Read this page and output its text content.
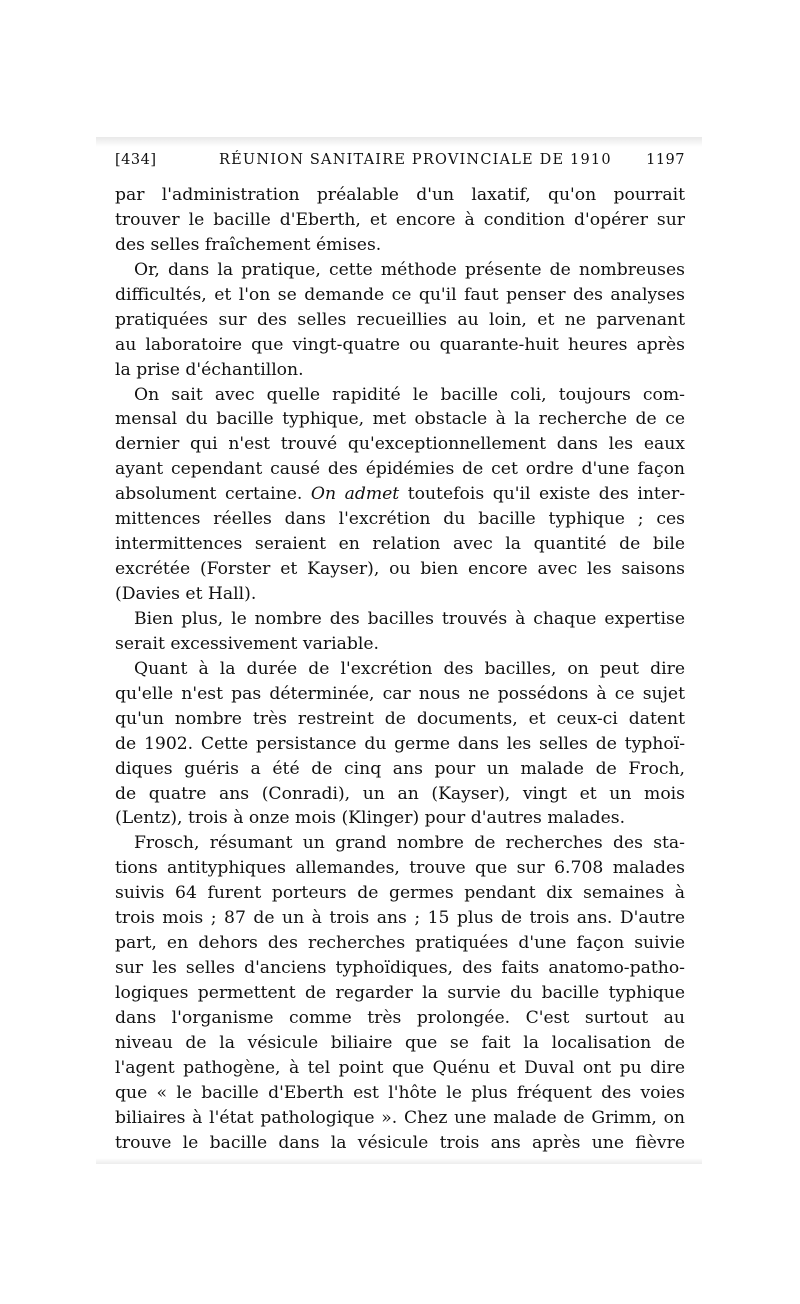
[434]	RÉUNION SANITAIRE PROVINCIALE DE 1910 1197
par l'administration préalable d'un laxatif, qu'on pourrait
trouver le bacille d'Eberth, et encore à condition d'opérer sur
des selles fraîchement émises.
Or, dans la pratique, cette méthode présente de nombreuses
difficultés, et l'on se demande ce qu'il faut penser des analyses
pratiquées sur des selles recueillies au loin, et ne parvenant
au laboratoire que vingt-quatre ou quarante-huit heures après
la prise d'échantillon.
On sait avec quelle rapidité le bacille coli, toujours com-
mensal du bacille typhique, met obstacle à la recherche de ce
dernier qui n'est trouvé qu'exceptionnellement dans les eaux
ayant cependant causé des épidémies de cet ordre d'une façon
absolument certaine. On admet toutefois qu'il existe des inter-
mittences réelles dans l'excrétion du bacille typhique ; ces
intermittences seraient en relation avec la quantité de bile
excrétée (Forster et Kayser), ou bien encore avec les saisons
(Davies et Hall).
Bien plus, le nombre des bacilles trouvés à chaque expertise
serait excessivement variable.
Quant à la durée de l'excrétion des bacilles, on peut dire
qu'elle n'est pas déterminée, car nous ne possédons à ce sujet
qu'un nombre très restreint de documents, et ceux-ci datent
de 1902. Cette persistance du germe dans les selles de typhoï-
diques guéris a été de cinq ans pour un malade de Froch,
de quatre ans (Conradi), un an (Kayser), vingt et un mois
(Lentz), trois à onze mois (Klinger) pour d'autres malades.
Frosch, résumant un grand nombre de recherches des sta-
tions antityphiques allemandes, trouve que sur 6.708 malades
suivis 64 furent porteurs de germes pendant dix semaines à
trois mois ; 87 de un à trois ans ; 15 plus de trois ans. D'autre
part, en dehors des recherches pratiquées d'une façon suivie
sur les selles d'anciens typhoïdiques, des faits anatomo-patho-
logiques permettent de regarder la survie du bacille typhique
dans l'organisme comme très prolongée. C'est surtout au
niveau de la vésicule biliaire que se fait la localisation de
l'agent pathogène, à tel point que Quénu et Duval ont pu dire
que « le bacille d'Eberth est l'hôte le plus fréquent des voies
biliaires à l'état pathologique ». Chez une malade de Grimm, on
trouve le bacille dans la vésicule trois ans après une fièvre
